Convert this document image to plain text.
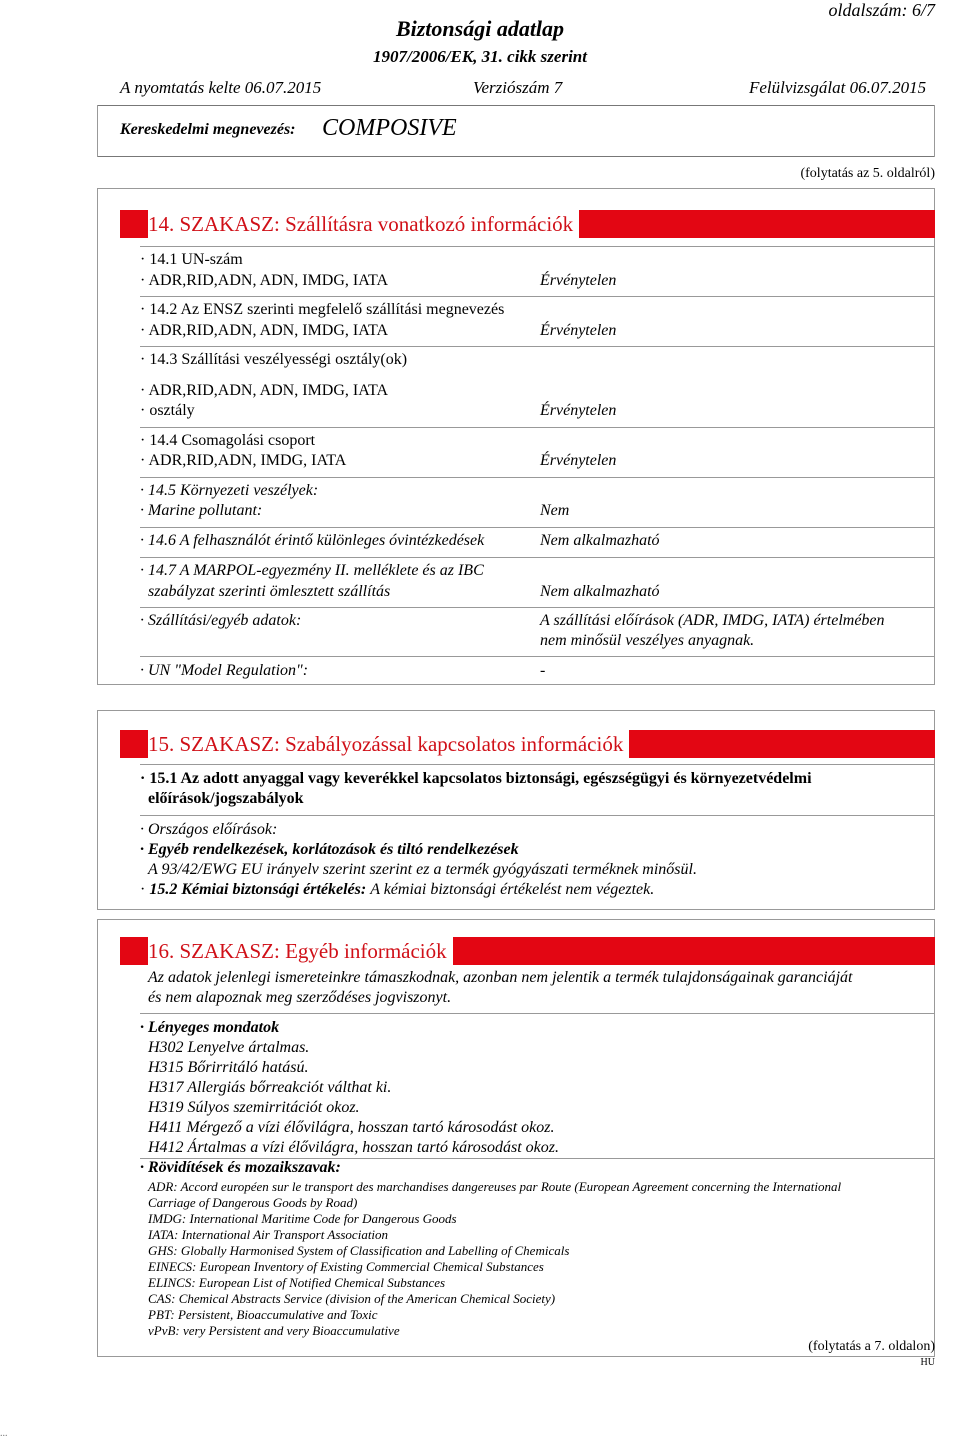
oldalszám: 6/7
Biztonsági adatlap
1907/2006/EK, 31. cikk szerint
A nyomtatás kelte 06.07.2015	Verziószám 7	Felülvizsgálat 06.07.2015
Kereskedelmi megnevezés: COMPOSIVE
(folytatás az 5. oldalról)
14. SZAKASZ: Szállításra vonatkozó információk
· 14.1 UN-szám
· ADR,RID,ADN, ADN, IMDG, IATA	Érvénytelen
· 14.2 Az ENSZ szerinti megfelelő szállítási megnevezés
· ADR,RID,ADN, ADN, IMDG, IATA	Érvénytelen
· 14.3 Szállítási veszélyességi osztály(ok)
· ADR,RID,ADN, ADN, IMDG, IATA
· osztály	Érvénytelen
· 14.4 Csomagolási csoport
· ADR,RID,ADN, IMDG, IATA	Érvénytelen
· 14.5 Környezeti veszélyek:
· Marine pollutant:	Nem
· 14.6 A felhasználót érintő különleges óvintézkedések	Nem alkalmazható
· 14.7 A MARPOL-egyezmény II. melléklete és az IBC
szabályzat szerinti ömlesztett szállítás	Nem alkalmazható
· Szállítási/egyéb adatok:	A szállítási előírások (ADR, IMDG, IATA) értelmében
nem minősül veszélyes anyagnak.
· UN "Model Regulation":	-
15. SZAKASZ: Szabályozással kapcsolatos információk
· 15.1 Az adott anyaggal vagy keverékkel kapcsolatos biztonsági, egészségügyi és környezetvédelmi
előírások/jogszabályok
· Országos előírások:
· Egyéb rendelkezések, korlátozások és tiltó rendelkezések
A 93/42/EWG EU irányelv szerint szerint ez a termék gyógyászati terméknek minősül.
· 15.2 Kémiai biztonsági értékelés: A kémiai biztonsági értékelést nem végeztek.
16. SZAKASZ: Egyéb információk
Az adatok jelenlegi ismereteinkre támaszkodnak, azonban nem jelentik a termék tulajdonságainak garanciáját
és nem alapoznak meg szerződéses jogviszonyt.
· Lényeges mondatok
H302 Lenyelve ártalmas.
H315 Bőrirritáló hatású.
H317 Allergiás bőrreakciót válthat ki.
H319 Súlyos szemirritációt okoz.
H411 Mérgező a vízi élővilágra, hosszan tartó károsodást okoz.
H412 Ártalmas a vízi élővilágra, hosszan tartó károsodást okoz.
· Rövidítések és mozaikszavak:
ADR: Accord européen sur le transport des marchandises dangereuses par Route (European Agreement concerning the International
Carriage of Dangerous Goods by Road)
IMDG: International Maritime Code for Dangerous Goods
IATA: International Air Transport Association
GHS: Globally Harmonised System of Classification and Labelling of Chemicals
EINECS: European Inventory of Existing Commercial Chemical Substances
ELINCS: European List of Notified Chemical Substances
CAS: Chemical Abstracts Service (division of the American Chemical Society)
PBT: Persistent, Bioaccumulative and Toxic
vPvB: very Persistent and very Bioaccumulative
(folytatás a 7. oldalon)
HU
...
